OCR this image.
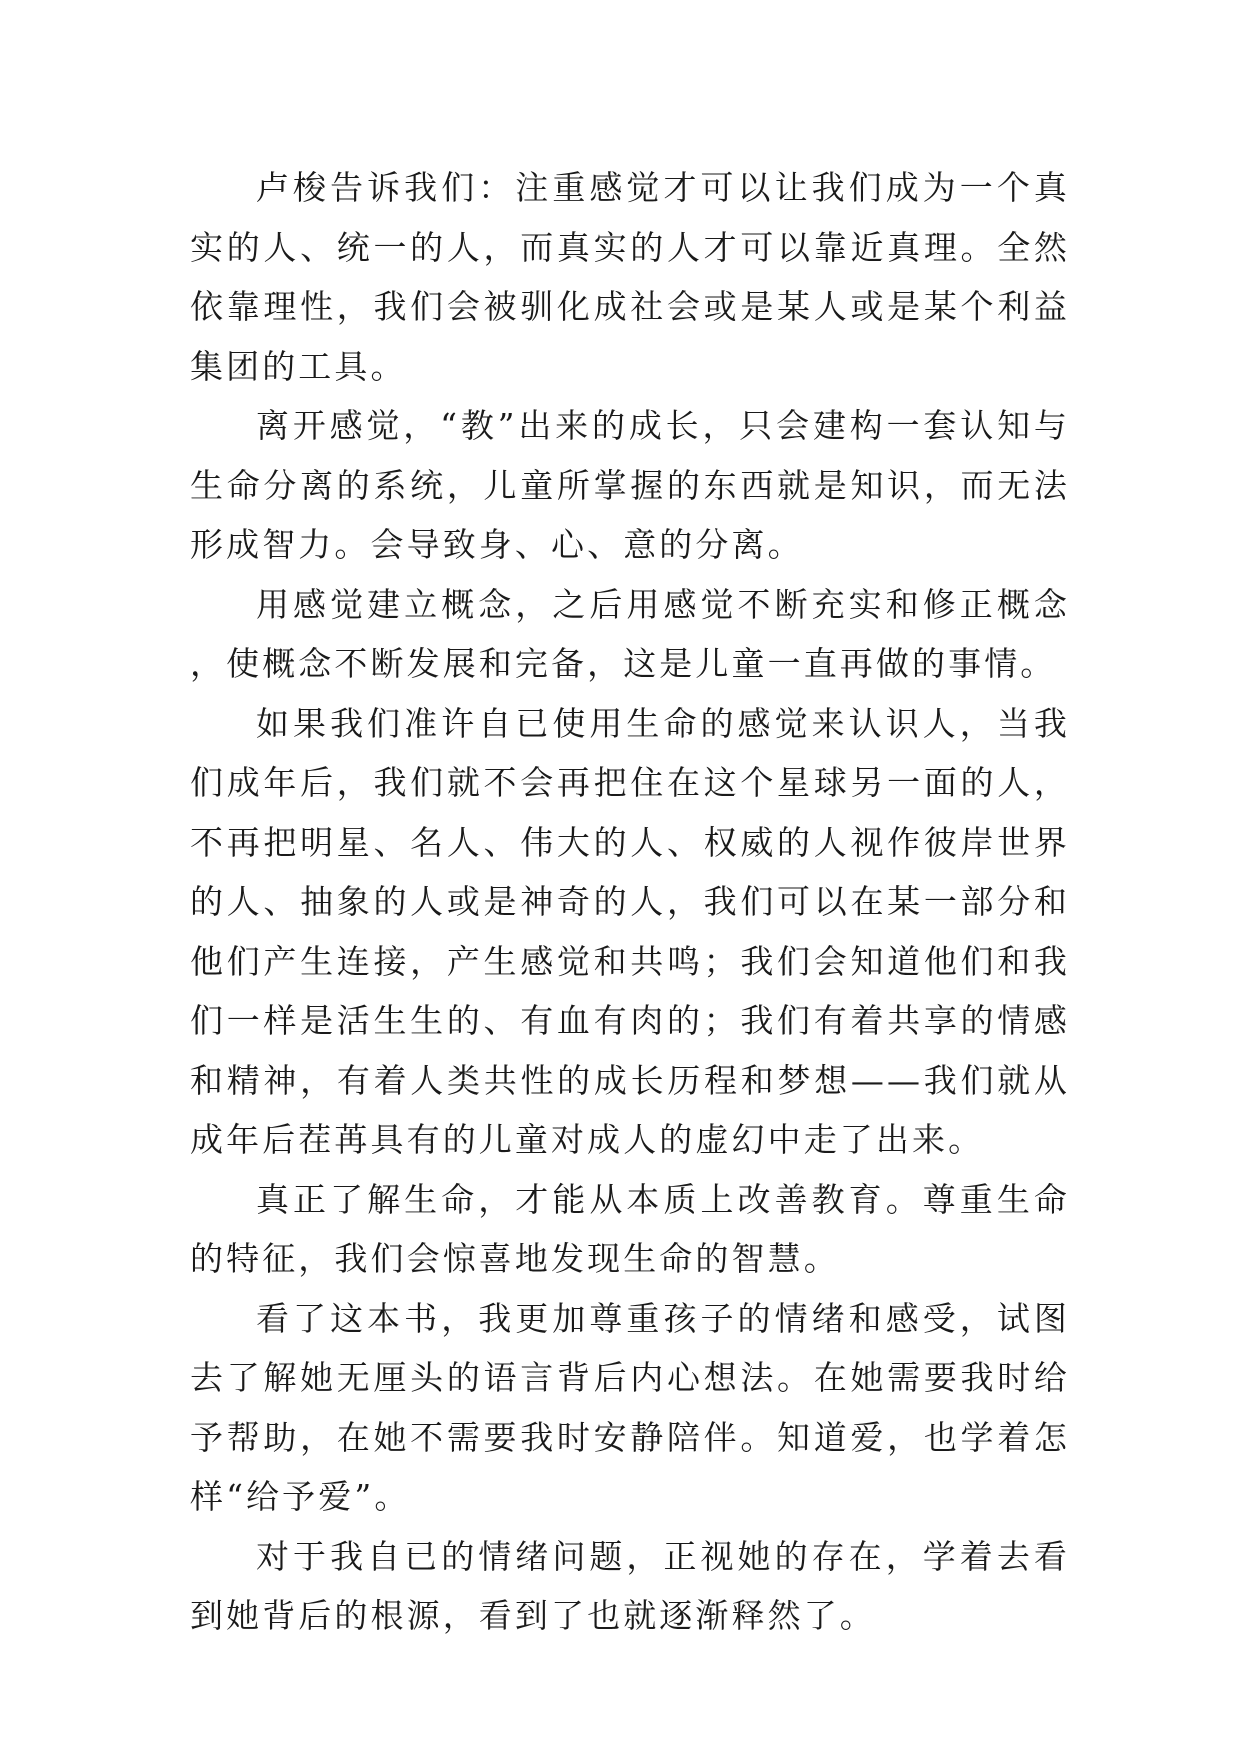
卢梭告诉我们：注重感觉才可以让我们成为一个真实的人、统一的人，而真实的人才可以靠近真理。全然依靠理性，我们会被驯化成社会或是某人或是某个利益集团的工具。

离开感觉，“教”出来的成长，只会建构一套认知与生命分离的系统，儿童所掌握的东西就是知识，而无法形成智力。会导致身、心、意的分离。

用感觉建立概念，之后用感觉不断充实和修正概念，使概念不断发展和完备，这是儿童一直再做的事情。

如果我们准许自已使用生命的感觉来认识人，当我们成年后，我们就不会再把住在这个星球另一面的人，不再把明星、名人、伟大的人、权威的人视作彼岸世界的人、抽象的人或是神奇的人，我们可以在某一部分和他们产生连接，产生感觉和共鸣；我们会知道他们和我们一样是活生生的、有血有肉的；我们有着共享的情感和精神，有着人类共性的成长历程和梦想——我们就从成年后茬苒具有的儿童对成人的虚幻中走了出来。

真正了解生命，才能从本质上改善教育。尊重生命的特征，我们会惊喜地发现生命的智慧。

看了这本书，我更加尊重孩子的情绪和感受，试图去了解她无厘头的语言背后内心想法。在她需要我时给予帮助，在她不需要我时安静陪伴。知道爱，也学着怎样“给予爱”。

对于我自已的情绪问题，正视她的存在，学着去看到她背后的根源，看到了也就逐渐释然了。
